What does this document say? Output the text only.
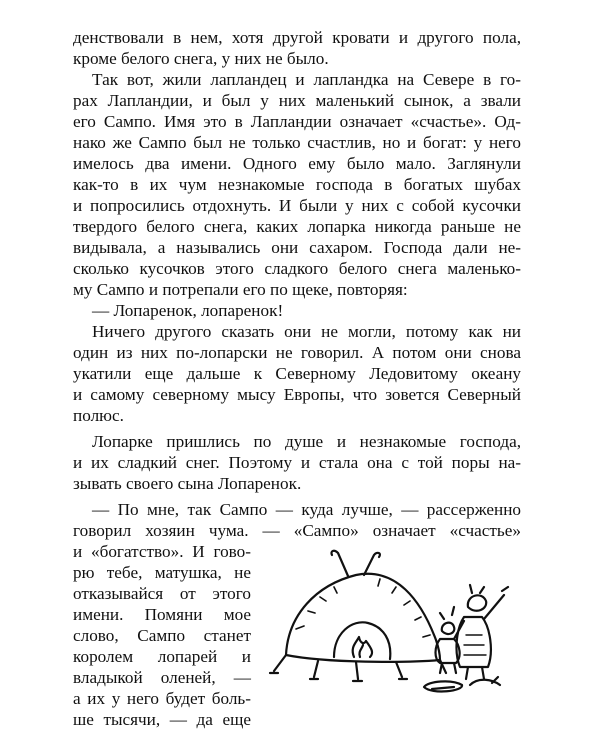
денствовали в нем, хотя другой кровати и другого пола,
кроме белого снега, у них не было.

Так вот, жили лапландец и лапландка на Севере в го-
рах Лапландии, и был у них маленький сынок, а звали
его Сампо. Имя это в Лапландии означает «счастье». Од-
нако же Сампо был не только счастлив, но и богат: у него
имелось два имени. Одного ему было мало. Заглянули
как-то в их чум незнакомые господа в богатых шубах
и попросились отдохнуть. И были у них с собой кусочки
твердого белого снега, каких лопарка никогда раньше не
видывала, а назывались они сахаром. Господа дали не-
сколько кусочков этого сладкого белого снега маленько-
му Сампо и потрепали его по щеке, повторяя:

— Лопаренок, лопаренок!

Ничего другого сказать они не могли, потому как ни
один из них по-лопарски не говорил. А потом они снова
укатили еще дальше к Северному Ледовитому океану
и самому северному мысу Европы, что зовется Северный
полюс.

Лопарке пришлись по душе и незнакомые господа,
и их сладкий снег. Поэтому и стала она с той поры на-
зывать своего сына Лопаренок.

— По мне, так Сампо — куда лучше, — рассерженно
говорил хозяин чума. — «Сампо» означает «счастье»

и «богатство». И гово-
рю тебе, матушка, не
отказывайся от этого
имени. Помяни мое
слово, Сампо станет
королем лопарей и
владыкой оленей, —
а их у него будет боль-
ше тысячи, — да еще
